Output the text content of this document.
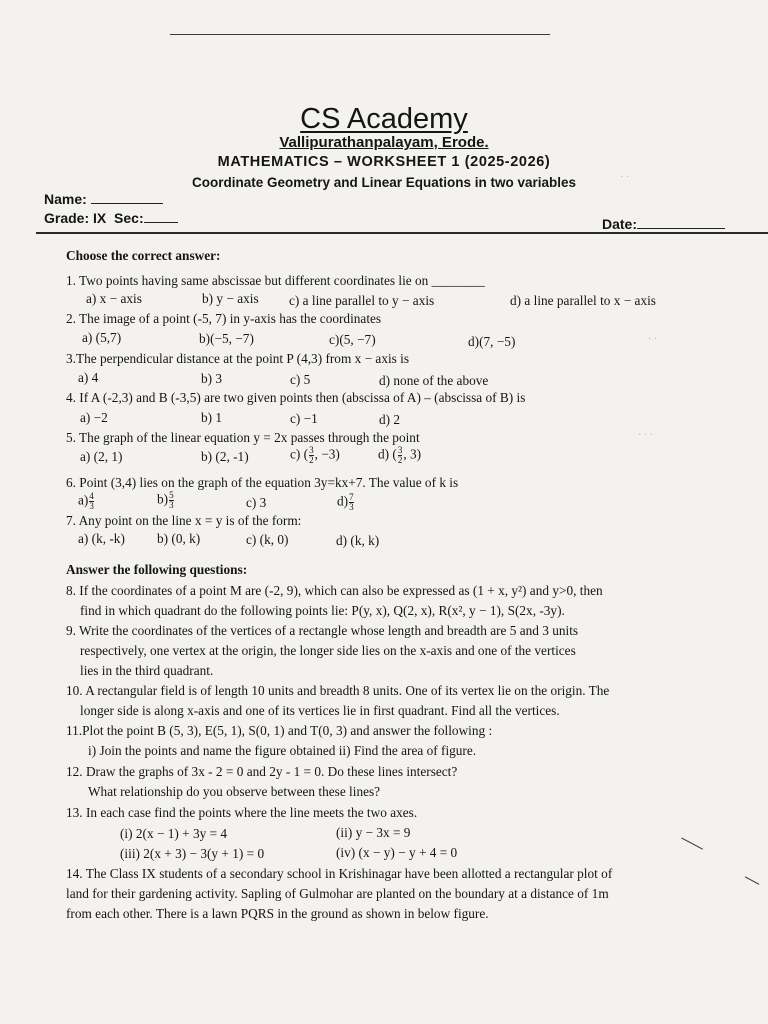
CS Academy
Vallipurathanpalayam, Erode.
MATHEMATICS – WORKSHEET 1 (2025-2026)
Coordinate Geometry and Linear Equations in two variables
Name:
Grade: IX Sec:	Date:
Choose the correct answer:
1. Two points having same abscissae but different coordinates lie on ________
a) x − axis	b) y − axis c) a line parallel to y − axis	d) a line parallel to x − axis
2. The image of a point (-5, 7) in y-axis has the coordinates
a) (5,7)	b)(−5, −7)	c)(5, −7)	d)(7, −5)
3.The perpendicular distance at the point P (4,3) from x − axis is
a) 4	b) 3	c) 5	d) none of the above
4. If A (-2,3) and B (-3,5) are two given points then (abscissa of A) – (abscissa of B) is
a) −2	b) 1	c) −1	d) 2
5. The graph of the linear equation y = 2x passes through the point
a) (2, 1)	b) (2, -1)	c) ( $\frac{3}{2}$ , −3)	d) ( $\frac{3}{2}$ , 3)
6. Point (3,4) lies on the graph of the equation 3y=kx+7. The value of k is
$a) \frac{4}{3}$	$b) \frac{5}{3}$	c) 3	$d) \frac{7}{3}$
7. Any point on the line x = y is of the form:
a) (k, -k) b) (0, k)	c) (k, 0)	d) (k, k)
Answer the following questions:
8. If the coordinates of a point M are (-2, 9), which can also be expressed as (1 + x, y²) and y>0, then
find in which quadrant do the following points lie: P(y, x), Q(2, x), R(x², y − 1), S(2x, -3y).
9. Write the coordinates of the vertices of a rectangle whose length and breadth are 5 and 3 units
respectively, one vertex at the origin, the longer side lies on the x-axis and one of the vertices
lies in the third quadrant.
10. A rectangular field is of length 10 units and breadth 8 units. One of its vertex lie on the origin. The
longer side is along x-axis and one of its vertices lie in first quadrant. Find all the vertices.
11.Plot the point B (5, 3), E(5, 1), S(0, 1) and T(0, 3) and answer the following :
i) Join the points and name the figure obtained ii) Find the area of figure.
12. Draw the graphs of 3x - 2 = 0 and 2y - 1 = 0. Do these lines intersect?
What relationship do you observe between these lines?
13. In each case find the points where the line meets the two axes.
(i) 2(x − 1) + 3y = 4	(ii) y − 3x = 9
(iii) 2(x + 3) − 3(y + 1) = 0	(iv) (x − y) − y + 4 = 0
14. The Class IX students of a secondary school in Krishinagar have been allotted a rectangular plot of
land for their gardening activity. Sapling of Gulmohar are planted on the boundary at a distance of 1m
from each other. There is a lawn PQRS in the ground as shown in below figure.
· ·
· · ·
· ·
